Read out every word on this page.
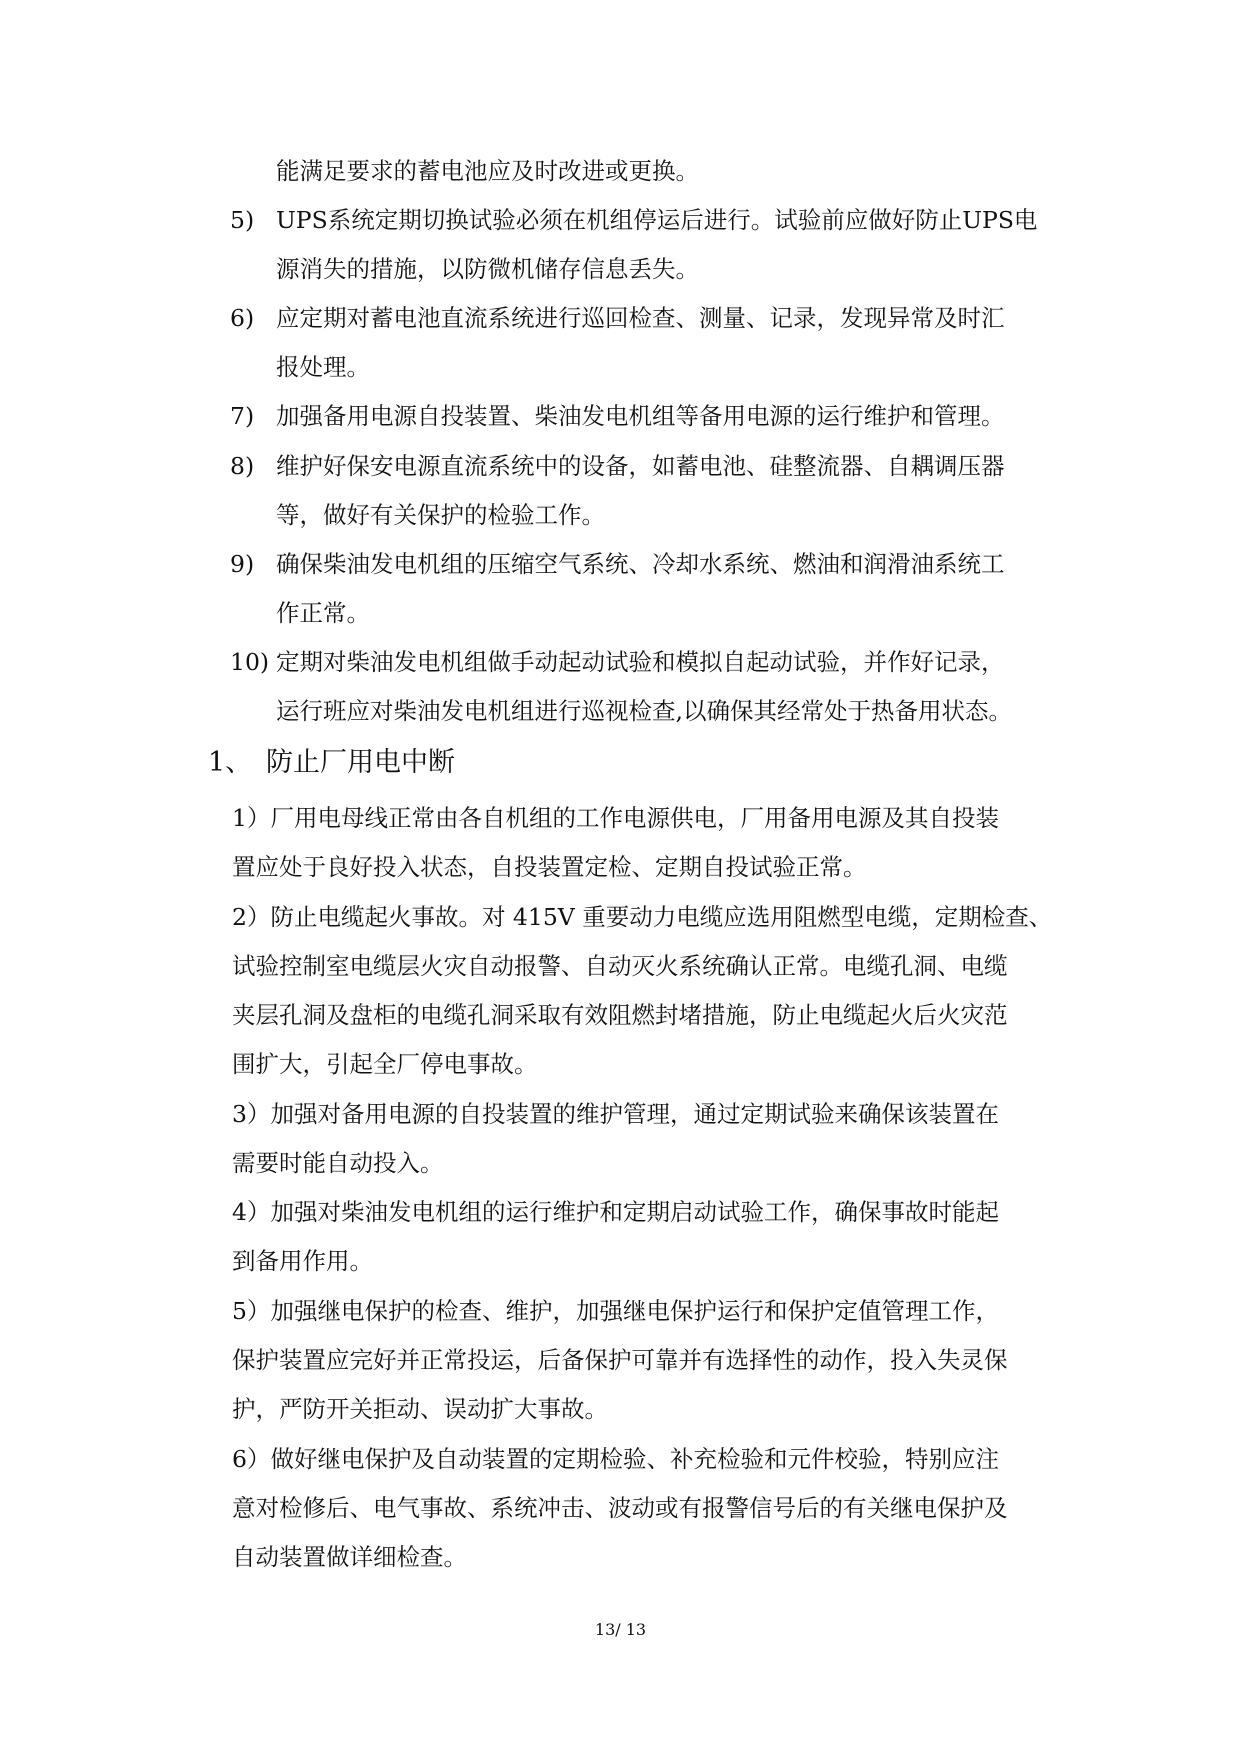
能满足要求的蓄电池应及时改进或更换。
5) UPS系统定期切换试验必须在机组停运后进行。试验前应做好防止UPS电
源消失的措施，以防微机储存信息丢失。
6) 应定期对蓄电池直流系统进行巡回检查、测量、记录，发现异常及时汇
报处理。
7) 加强备用电源自投装置、柴油发电机组等备用电源的运行维护和管理。
8) 维护好保安电源直流系统中的设备，如蓄电池、硅整流器、自耦调压器
等，做好有关保护的检验工作。
9) 确保柴油发电机组的压缩空气系统、冷却水系统、燃油和润滑油系统工
作正常。
10) 定期对柴油发电机组做手动起动试验和模拟自起动试验，并作好记录，
运行班应对柴油发电机组进行巡视检查,以确保其经常处于热备用状态。
1、 防止厂用电中断
1）厂用电母线正常由各自机组的工作电源供电，厂用备用电源及其自投装
置应处于良好投入状态，自投装置定检、定期自投试验正常。
2）防止电缆起火事故。对 415V 重要动力电缆应选用阻燃型电缆，定期检查、
试验控制室电缆层火灾自动报警、自动灭火系统确认正常。电缆孔洞、电缆
夹层孔洞及盘柜的电缆孔洞采取有效阻燃封堵措施，防止电缆起火后火灾范
围扩大，引起全厂停电事故。
3）加强对备用电源的自投装置的维护管理，通过定期试验来确保该装置在
需要时能自动投入。
4）加强对柴油发电机组的运行维护和定期启动试验工作，确保事故时能起
到备用作用。
5）加强继电保护的检查、维护，加强继电保护运行和保护定值管理工作，
保护装置应完好并正常投运，后备保护可靠并有选择性的动作，投入失灵保
护，严防开关拒动、误动扩大事故。
6）做好继电保护及自动装置的定期检验、补充检验和元件校验，特别应注
意对检修后、电气事故、系统冲击、波动或有报警信号后的有关继电保护及
自动装置做详细检查。
13/ 13
